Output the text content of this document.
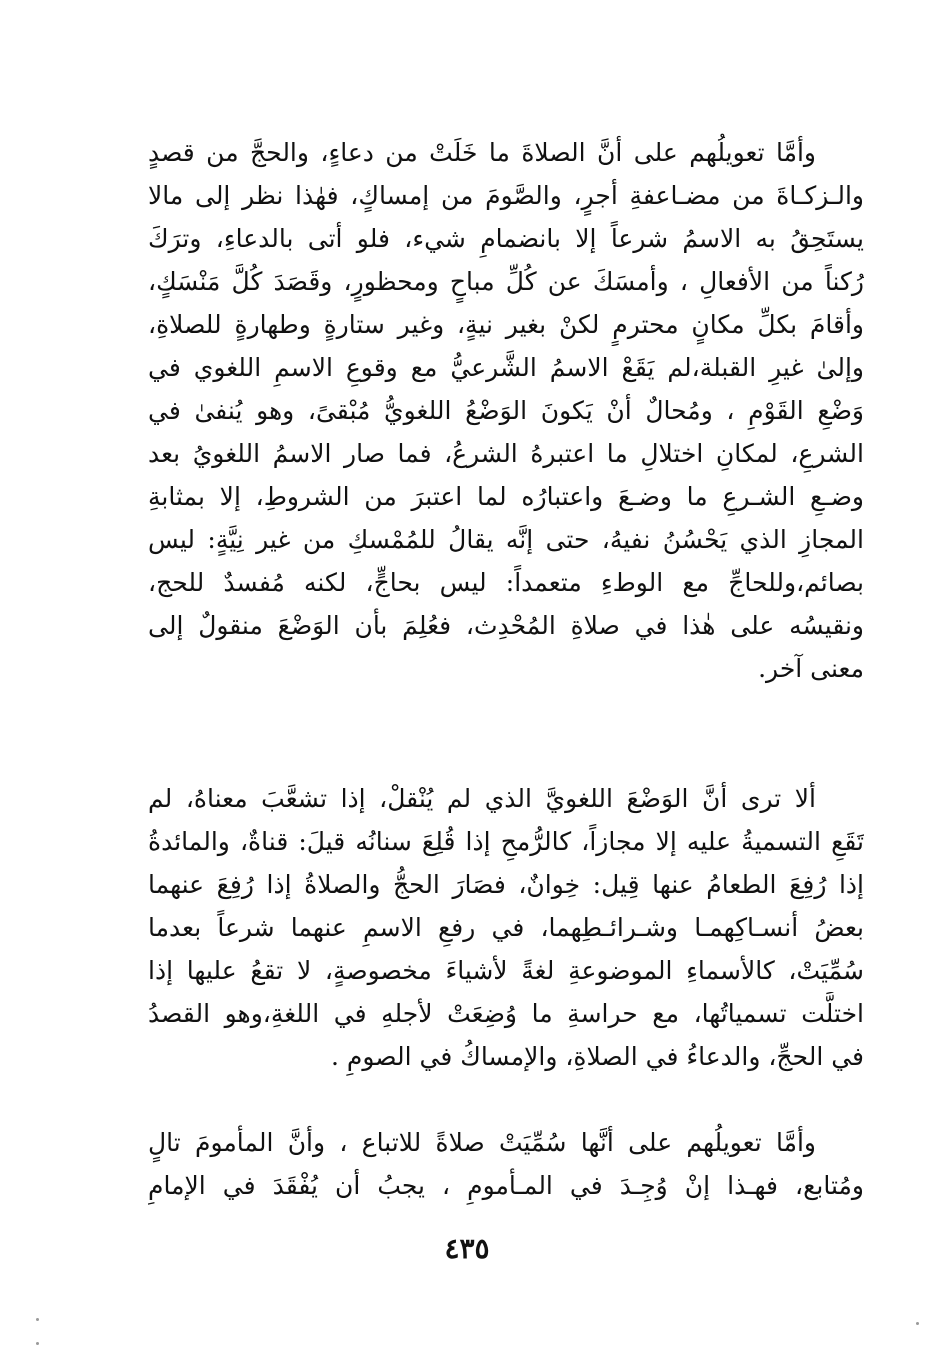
وأمَّا تعويلُهم على أنَّ الصلاةَ ما خَلَتْ من دعاءٍ، والحجَّ من قصدٍ
والـزكـاةَ من مضـاعفةِ أجرٍ، والصَّومَ من إمساكٍ، فهٰذا نظر إلى مالا
يستَحِقُ به الاسمُ شرعاً إلا بانضمامِ شيء، فلو أتى بالدعاءِ، وترَكَ
رُكناً من الأفعالِ ، وأمسَكَ عن كُلِّ مباحٍ ومحظورٍ، وقَصَدَ كُلَّ مَنْسَكٍ،
وأقامَ بكلِّ مكانٍ محترمٍ لكنْ بغير نيةٍ، وغير ستارةٍ وطهارةٍ للصلاةِ،
وإلىٰ غيرِ القبلة،لم يَقَعْ الاسمُ الشَّرعيُّ مع وقوعِ الاسمِ اللغوي في
وَضْعِ القَوْمِ ، ومُحالٌ أنْ يَكونَ الوَضْعُ اللغويُّ مُبْقىً، وهو يُنفىٰ في
الشرعِ، لمكانِ اختلالِ ما اعتبرهُ الشرعُ، فما صار الاسمُ اللغويُ بعد
وضـعِ الشـرعِ ما وضـعَ واعتبارُه لما اعتبرَ من الشروطِ، إلا بمثابةِ
المجازِ الذي يَحْسُنُ نفيهُ، حتى إنَّه يقالُ للمُمْسكِ من غير نِيَّةٍ: ليس
بصائم،وللحاجِّ مع الوطءِ متعمداً: ليس بحاجٍّ، لكنه مُفسدٌ للحج،
ونقيسُه على هٰذا في صلاةِ المُحْدِث، فعُلِمَ بأن الوَضْعَ منقولٌ إلى
معنى آخر.
ألا ترى أنَّ الوَضْعَ اللغويَّ الذي لم يُنْقلْ، إذا تشعَّبَ معناهُ، لم
تَقَعِ التسميةُ عليه إلا مجازاً، كالرُّمحِ إذا قُلِعَ سنانُه قيلَ: قناةٌ، والمائدةُ
إذا رُفِعَ الطعامُ عنها قِيل: خِوانٌ، فصَارَ الحجُّ والصلاةُ إذا رُفِعَ عنهما
بعضُ أنسـاكِهمـا وشـرائـطِهما، في رفعِ الاسمِ عنهما شرعاً بعدما
سُمِّيَتْ، كالأسماءِ الموضوعةِ لغةً لأشياءَ مخصوصةٍ، لا تقعُ عليها إذا
اختلَّت تسمياتُها، مع حراسةِ ما وُضِعَتْ لأجلهِ في اللغةِ،وهو القصدُ
في الحجِّ، والدعاءُ في الصلاةِ، والإمساكُ في الصومِ .
وأمَّا تعويلُهم على أنَّها سُمِّيَتْ صلاةً للاتباع ، وأنَّ المأمومَ تالٍ
ومُتابع، فهـذا إنْ وُجِـدَ في المـأمومِ ، يجبُ أن يُفْقَدَ في الإمامِ
٤٣٥
